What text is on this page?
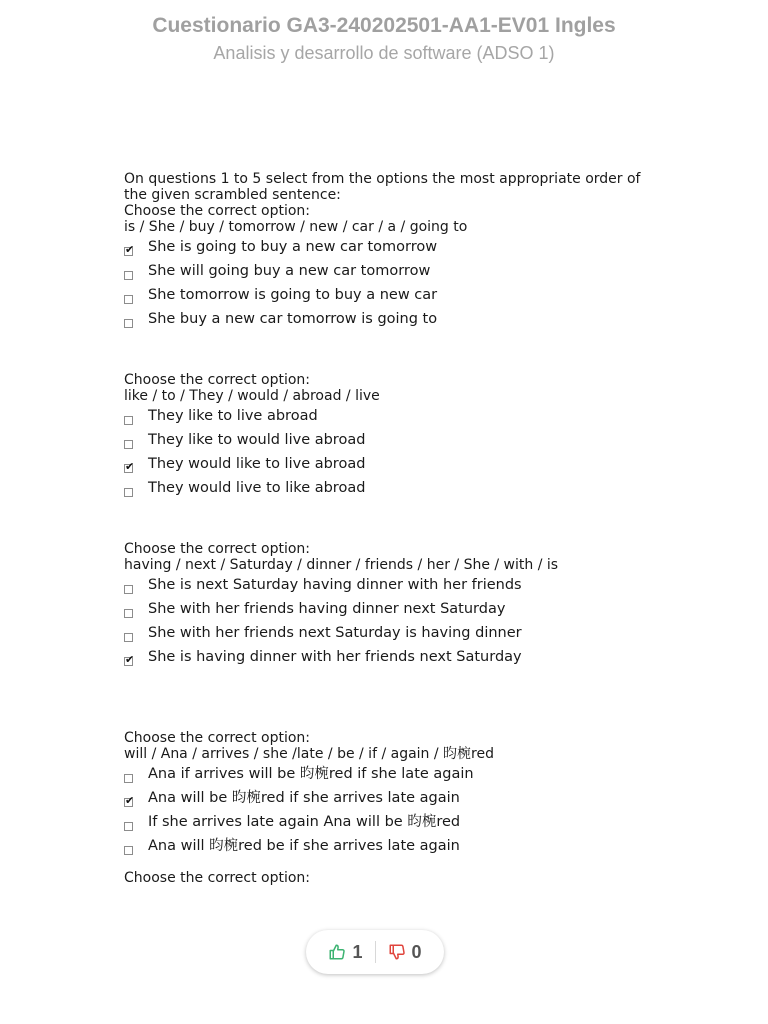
Cuestionario GA3-240202501-AA1-EV01 Ingles
Analisis y desarrollo de software (ADSO 1)

On questions 1 to 5 select from the options the most appropriate order of the given scrambled sentence:

Choose the correct option:

is / She / buy / tomorrow / new / car / a / going to

✔ She is going to buy a new car tomorrow
She will going buy a new car tomorrow
She tomorrow is going to buy a new car
She buy a new car tomorrow is going to

Choose the correct option:

like / to / They / would / abroad / live

They like to live abroad
They like to would live abroad
✔ They would like to live abroad
They would live to like abroad

Choose the correct option:

having / next / Saturday / dinner / friends / her / She / with / is

She is next Saturday having dinner with her friends
She with her friends having dinner next Saturday
She with her friends next Saturday is having dinner
✔ She is having dinner with her friends next Saturday

Choose the correct option:

will / Ana / arrives / she /late / be / if / again / 昀椀red

Ana if arrives will be 昀椀red if she late again
✔ Ana will be 昀椀red if she arrives late again
If she arrives late again Ana will be 昀椀red
Ana will 昀椀red be if she arrives late again

Choose the correct option:

1	0
